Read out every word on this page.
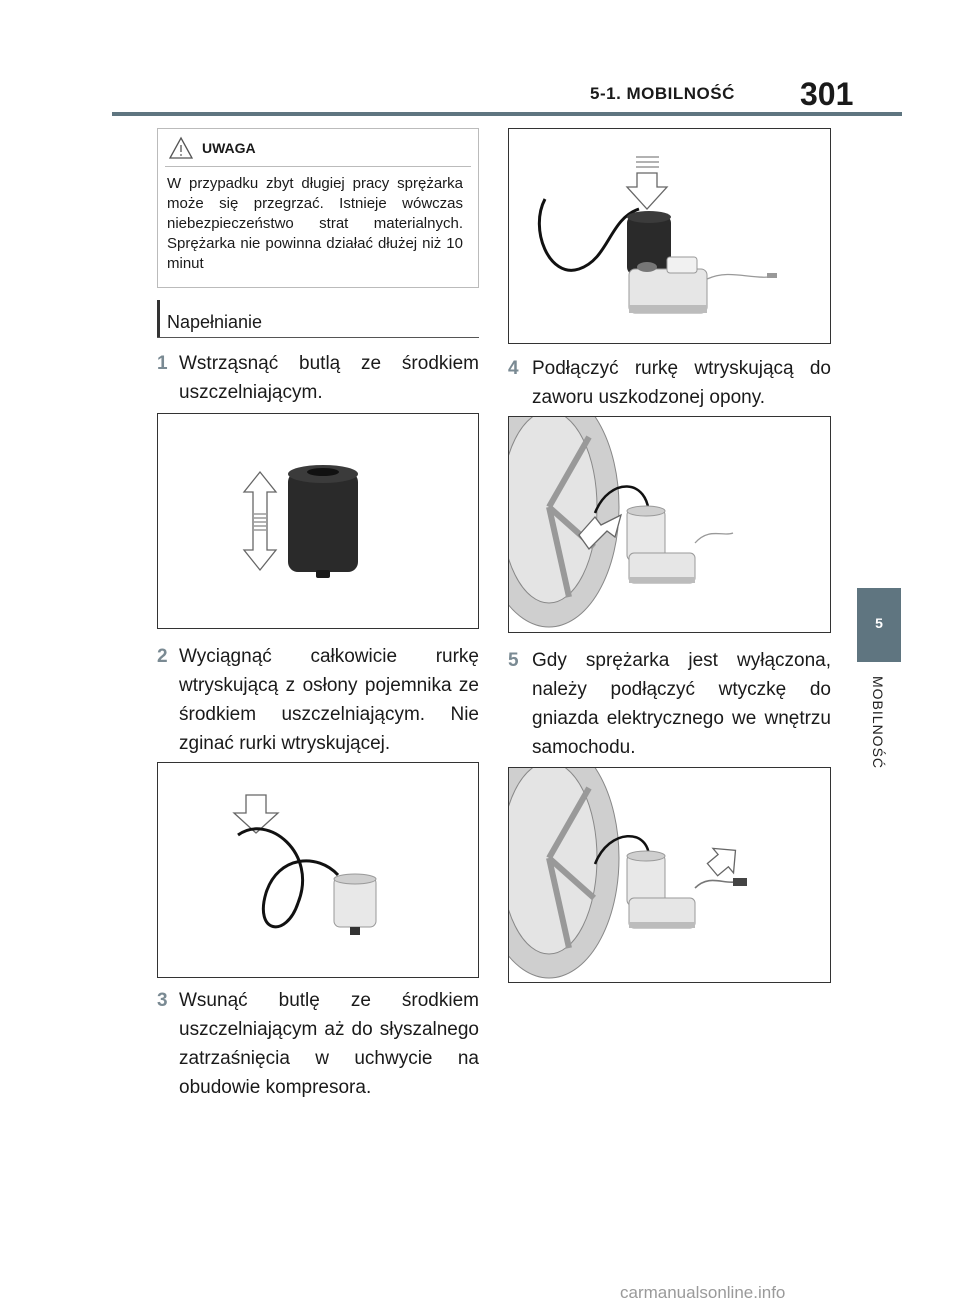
5-1. MOBILNOŚĆ 301
5
MOBILNOŚĆ
UWAGA
W przypadku zbyt długiej pracy sprężarka może się przegrzać. Istnieje wówczas niebezpieczeństwo strat materialnych. Sprężarka nie powinna działać dłużej niż 10 minut
Napełnianie
1 Wstrząsnąć butlą ze środkiem uszczelniającym.
2 Wyciągnąć całkowicie rurkę wtryskującą z osłony pojemnika ze środkiem uszczelniającym. Nie zginać rurki wtryskującej.
3 Wsunąć butlę ze środkiem uszczelniającym aż do słyszalnego zatrzaśnięcia w uchwycie na obudowie kompresora.
4 Podłączyć rurkę wtryskującą do zaworu uszkodzonej opony.
5 Gdy sprężarka jest wyłączona, należy podłączyć wtyczkę do gniazda elektrycznego we wnętrzu samochodu.
carmanualsonline.info
